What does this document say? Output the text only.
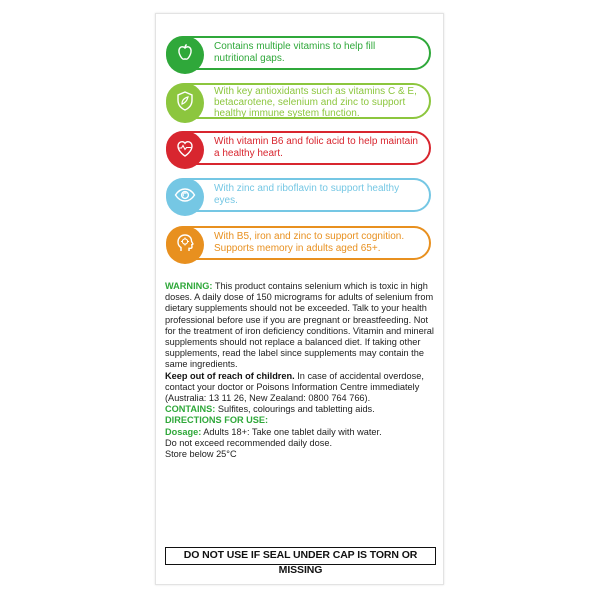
Contains multiple vitamins to help fill nutritional gaps.
With key antioxidants such as vitamins C & E, betacarotene, selenium and zinc to support healthy immune system function.
With vitamin B6 and folic acid to help maintain a healthy heart.
With zinc and riboflavin to support healthy eyes.
With B5, iron and zinc to support cognition. Supports memory in adults aged 65+.

WARNING: This product contains selenium which is toxic in high doses. A daily dose of 150 micrograms for adults of selenium from dietary supplements should not be exceeded. Talk to your health professional before use if you are pregnant or breastfeeding. Not for the treatment of iron deficiency conditions. Vitamin and mineral supplements should not replace a balanced diet. If taking other supplements, read the label since supplements may contain the same ingredients.

Keep out of reach of children. In case of accidental overdose, contact your doctor or Poisons Information Centre immediately (Australia: 13 11 26, New Zealand: 0800 764 766).

CONTAINS: Sulfites, colourings and tabletting aids.

DIRECTIONS FOR USE:

Dosage: Adults 18+: Take one tablet daily with water.

Do not exceed recommended daily dose.

Store below 25°C

DO NOT USE IF SEAL UNDER CAP IS TORN OR MISSING
